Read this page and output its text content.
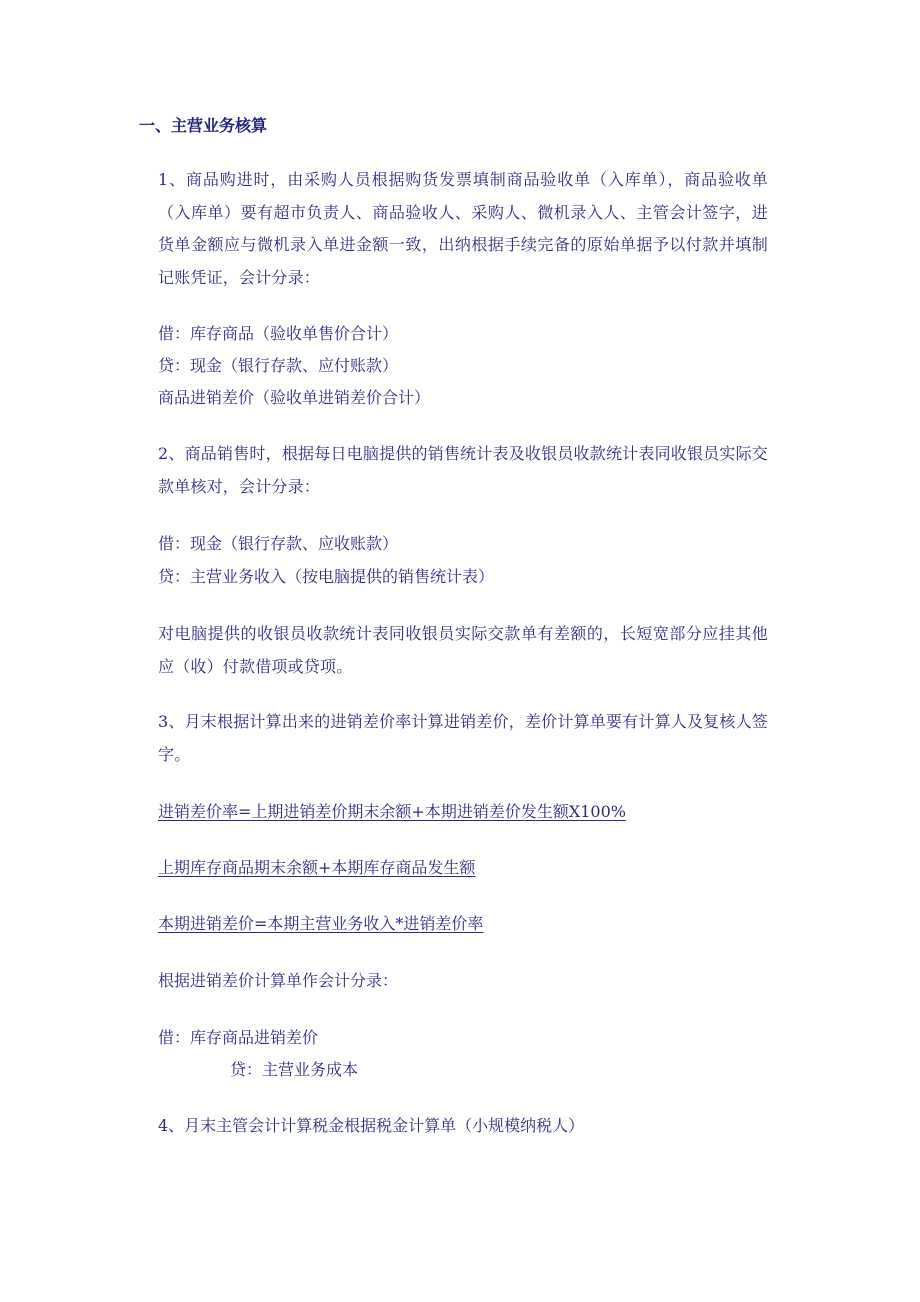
一、主营业务核算
1、商品购进时，由采购人员根据购货发票填制商品验收单（入库单），商品验收单（入库单）要有超市负责人、商品验收人、采购人、微机录入人、主管会计签字，进货单金额应与微机录入单进金额一致，出纳根据手续完备的原始单据予以付款并填制记账凭证，会计分录：
借：库存商品（验收单售价合计）
贷：现金（银行存款、应付账款）
商品进销差价（验收单进销差价合计）
2、商品销售时，根据每日电脑提供的销售统计表及收银员收款统计表同收银员实际交款单核对，会计分录：
借：现金（银行存款、应收账款）
贷：主营业务收入（按电脑提供的销售统计表）
对电脑提供的收银员收款统计表同收银员实际交款单有差额的，长短宽部分应挂其他应（收）付款借项或贷项。
3、月末根据计算出来的进销差价率计算进销差价，差价计算单要有计算人及复核人签字。
进销差价率=上期进销差价期末余额+本期进销差价发生额X100%
上期库存商品期末余额+本期库存商品发生额
本期进销差价=本期主营业务收入*进销差价率
根据进销差价计算单作会计分录：
借：库存商品进销差价
贷：主营业务成本
4、月末主管会计计算税金根据税金计算单（小规模纳税人）
